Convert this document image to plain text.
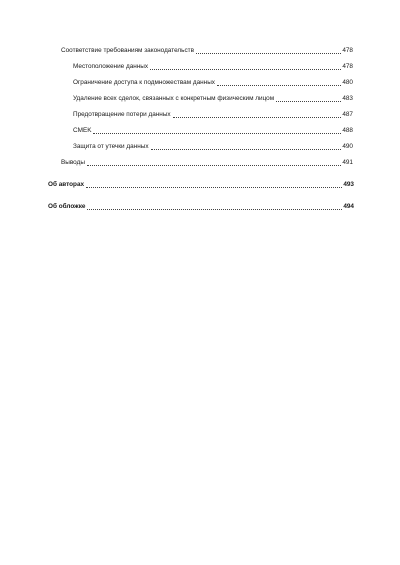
Соответствие требованиям законодательств	478
Местоположение данных	478
Ограничение доступа к подмножествам данных	480
Удаление всех сделок, связанных с конкретным физическим лицом	483
Предотвращение потери данных	487
CMEK	488
Защита от утечки данных	490
Выводы	491
Об авторах	493
Об обложке	494
